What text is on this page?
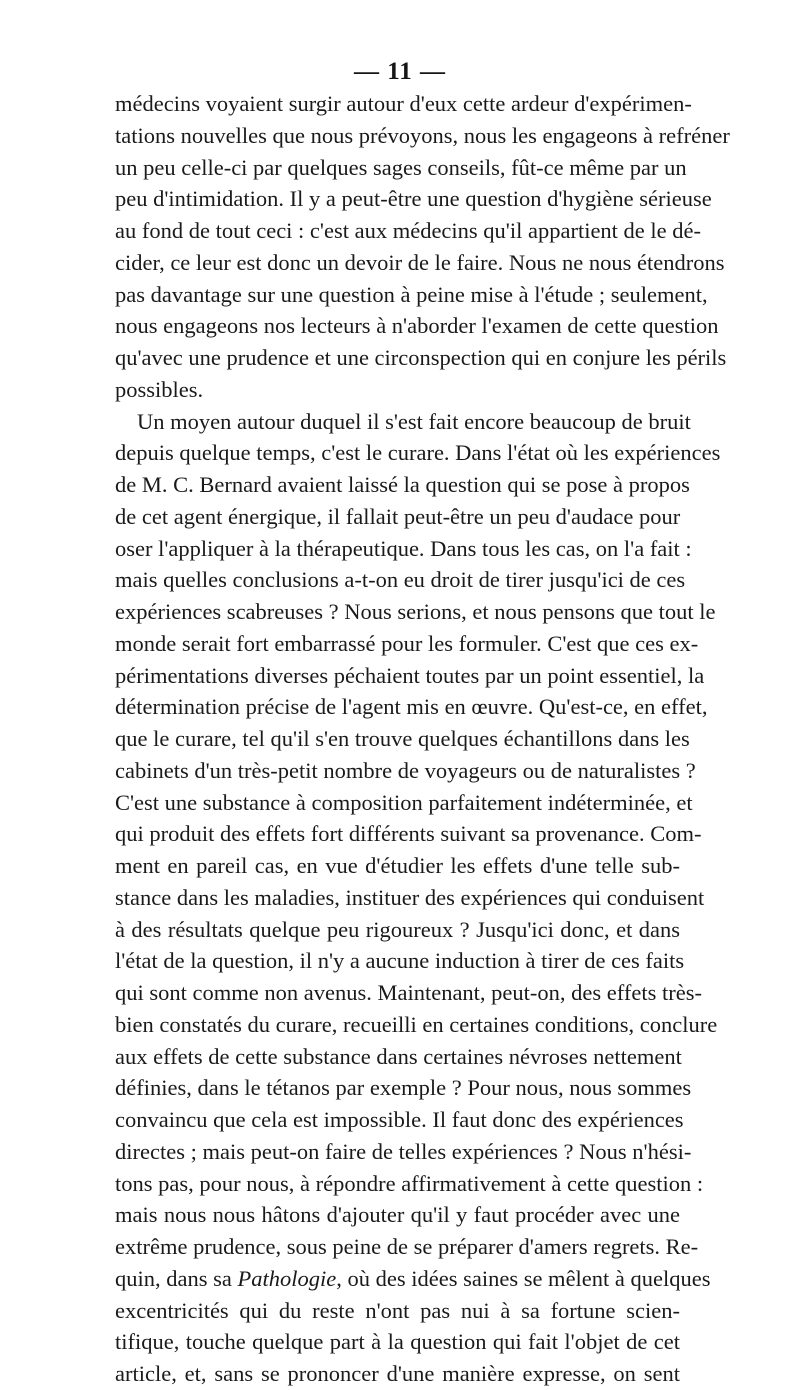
— 11 —
médecins voyaient surgir autour d'eux cette ardeur d'expérimen-
tations nouvelles que nous prévoyons, nous les engageons à refréner
un peu celle-ci par quelques sages conseils, fût-ce même par un
peu d'intimidation. Il y a peut-être une question d'hygiène sérieuse
au fond de tout ceci : c'est aux médecins qu'il appartient de le dé-
cider, ce leur est donc un devoir de le faire. Nous ne nous étendrons
pas davantage sur une question à peine mise à l'étude ; seulement,
nous engageons nos lecteurs à n'aborder l'examen de cette question
qu'avec une prudence et une circonspection qui en conjure les périls
possibles.
Un moyen autour duquel il s'est fait encore beaucoup de bruit
depuis quelque temps, c'est le curare. Dans l'état où les expériences
de M. C. Bernard avaient laissé la question qui se pose à propos
de cet agent énergique, il fallait peut-être un peu d'audace pour
oser l'appliquer à la thérapeutique. Dans tous les cas, on l'a fait :
mais quelles conclusions a-t-on eu droit de tirer jusqu'ici de ces
expériences scabreuses ? Nous serions, et nous pensons que tout le
monde serait fort embarrassé pour les formuler. C'est que ces ex-
périmentations diverses péchaient toutes par un point essentiel, la
détermination précise de l'agent mis en œuvre. Qu'est-ce, en effet,
que le curare, tel qu'il s'en trouve quelques échantillons dans les
cabinets d'un très-petit nombre de voyageurs ou de naturalistes ?
C'est une substance à composition parfaitement indéterminée, et
qui produit des effets fort différents suivant sa provenance. Com-
ment en pareil cas, en vue d'étudier les effets d'une telle sub-
stance dans les maladies, instituer des expériences qui conduisent
à des résultats quelque peu rigoureux ? Jusqu'ici donc, et dans
l'état de la question, il n'y a aucune induction à tirer de ces faits
qui sont comme non avenus. Maintenant, peut-on, des effets très-
bien constatés du curare, recueilli en certaines conditions, conclure
aux effets de cette substance dans certaines névroses nettement
définies, dans le tétanos par exemple ? Pour nous, nous sommes
convaincu que cela est impossible. Il faut donc des expériences
directes ; mais peut-on faire de telles expériences ? Nous n'hési-
tons pas, pour nous, à répondre affirmativement à cette question :
mais nous nous hâtons d'ajouter qu'il y faut procéder avec une
extrême prudence, sous peine de se préparer d'amers regrets. Re-
quin, dans sa Pathologie, où des idées saines se mêlent à quelques
excentricités qui du reste n'ont pas nui à sa fortune scien-
tifique, touche quelque part à la question qui fait l'objet de cet
article, et, sans se prononcer d'une manière expresse, on sent
